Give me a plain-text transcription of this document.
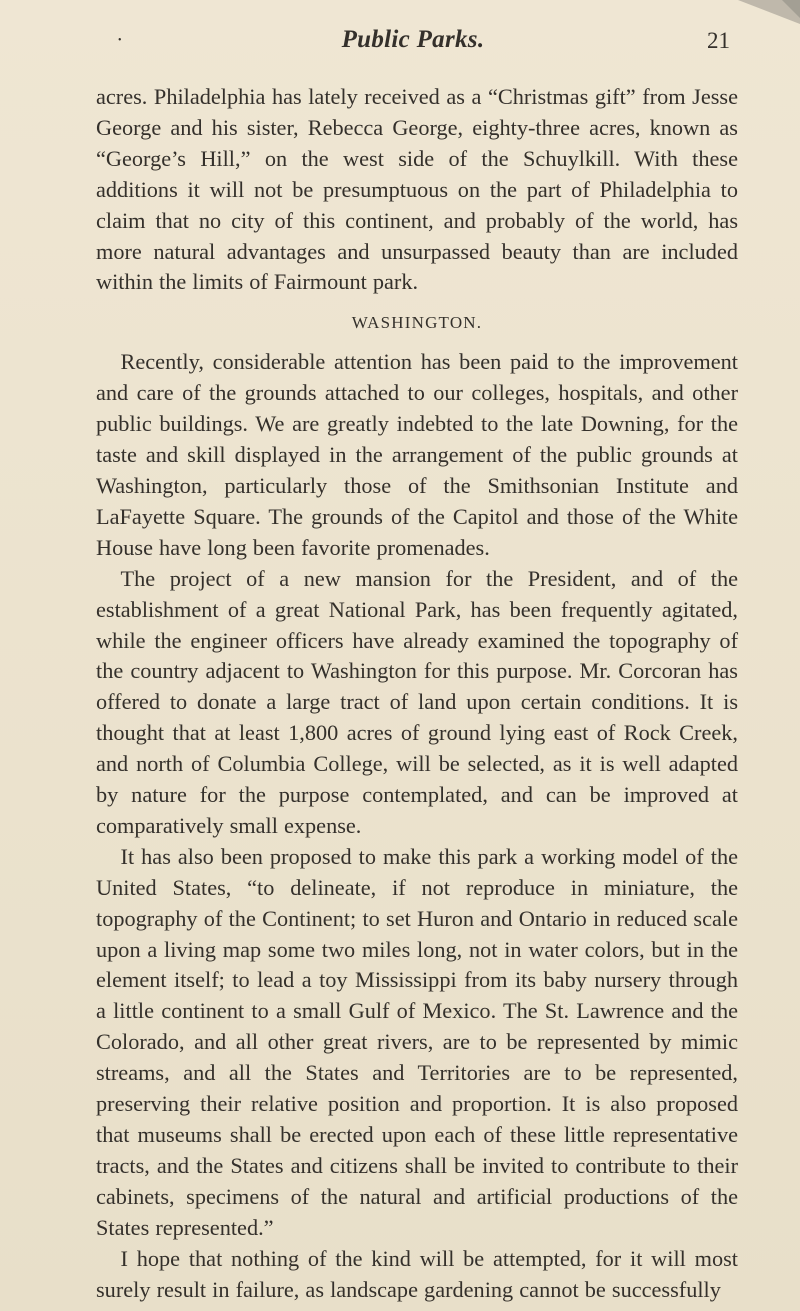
•	Public Parks.	21

acres. Philadelphia has lately received as a “Christmas gift” from Jesse George and his sister, Rebecca George, eighty-three acres, known as “George’s Hill,” on the west side of the Schuylkill. With these additions it will not be presumptuous on the part of Philadelphia to claim that no city of this continent, and probably of the world, has more natural advantages and unsurpassed beauty than are included within the limits of Fairmount park.

WASHINGTON.

Recently, considerable attention has been paid to the improvement and care of the grounds attached to our colleges, hospitals, and other public buildings. We are greatly indebted to the late Downing, for the taste and skill displayed in the arrangement of the public grounds at Washington, particularly those of the Smithsonian Institute and LaFayette Square. The grounds of the Capitol and those of the White House have long been favorite promenades.

The project of a new mansion for the President, and of the establishment of a great National Park, has been frequently agitated, while the engineer officers have already examined the topography of the country adjacent to Washington for this purpose. Mr. Corcoran has offered to donate a large tract of land upon certain conditions. It is thought that at least 1,800 acres of ground lying east of Rock Creek, and north of Columbia College, will be selected, as it is well adapted by nature for the purpose contemplated, and can be improved at comparatively small expense.

It has also been proposed to make this park a working model of the United States, “to delineate, if not reproduce in miniature, the topography of the Continent; to set Huron and Ontario in reduced scale upon a living map some two miles long, not in water colors, but in the element itself; to lead a toy Mississippi from its baby nursery through a little continent to a small Gulf of Mexico. The St. Lawrence and the Colorado, and all other great rivers, are to be represented by mimic streams, and all the States and Territories are to be represented, preserving their relative position and proportion. It is also proposed that museums shall be erected upon each of these little representative tracts, and the States and citizens shall be invited to contribute to their cabinets, specimens of the natural and artificial productions of the States represented.”

I hope that nothing of the kind will be attempted, for it will most surely result in failure, as landscape gardening cannot be successfully
